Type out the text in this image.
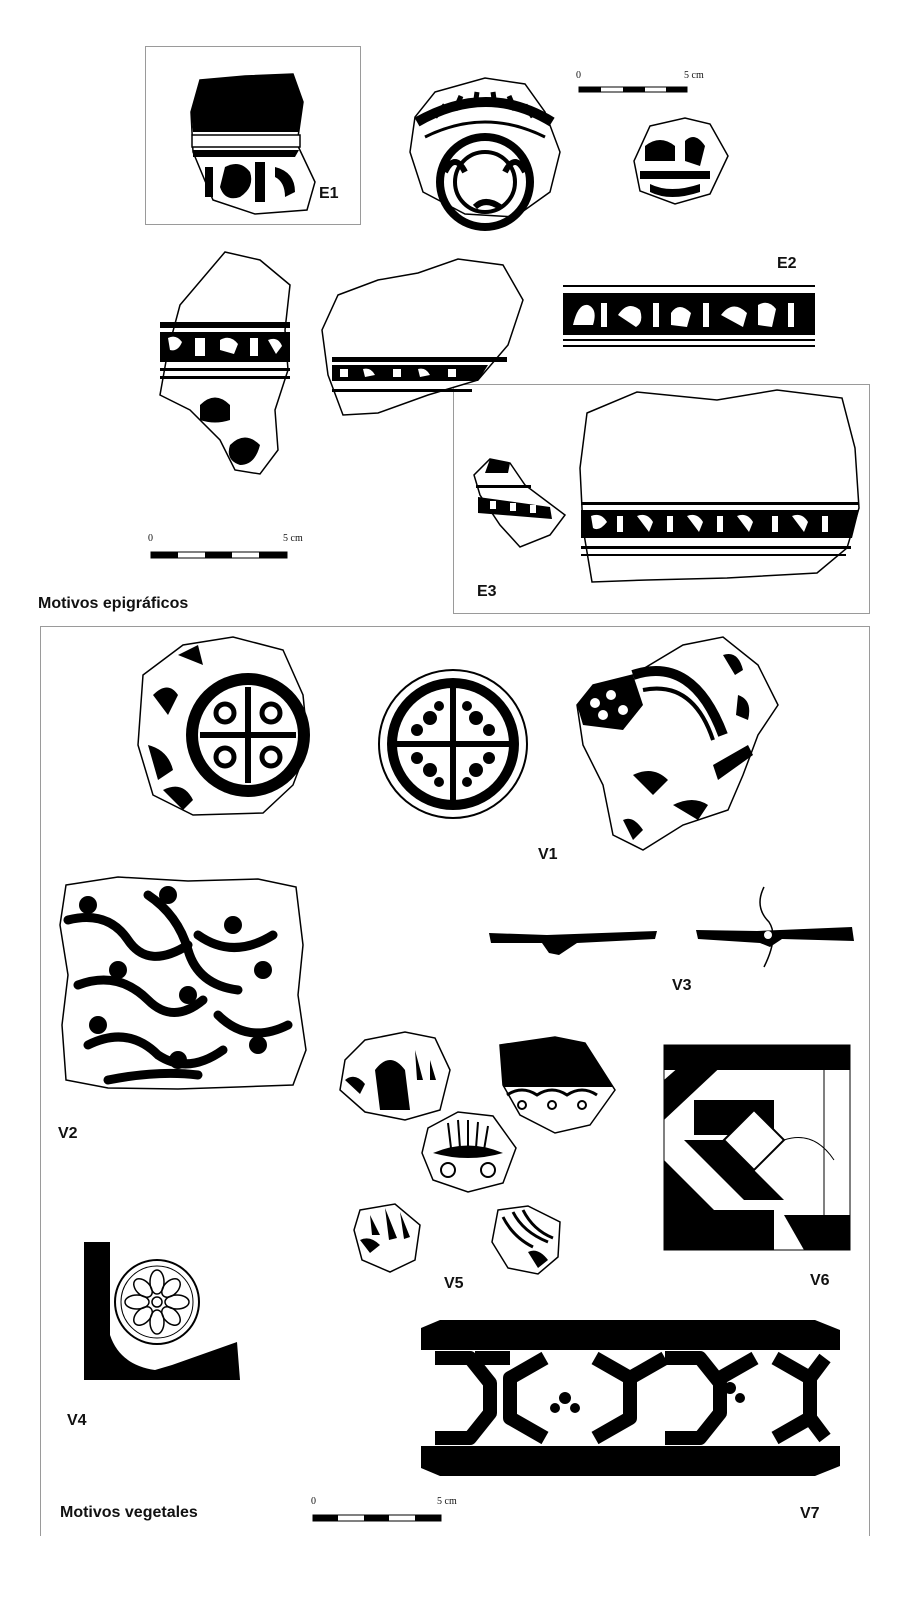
0	5 cm
E1
E2
E3
0	5 cm
Motivos epigráficos
V1
V2
V3
V5	V6
V4
V7
0	5 cm
Motivos vegetales
